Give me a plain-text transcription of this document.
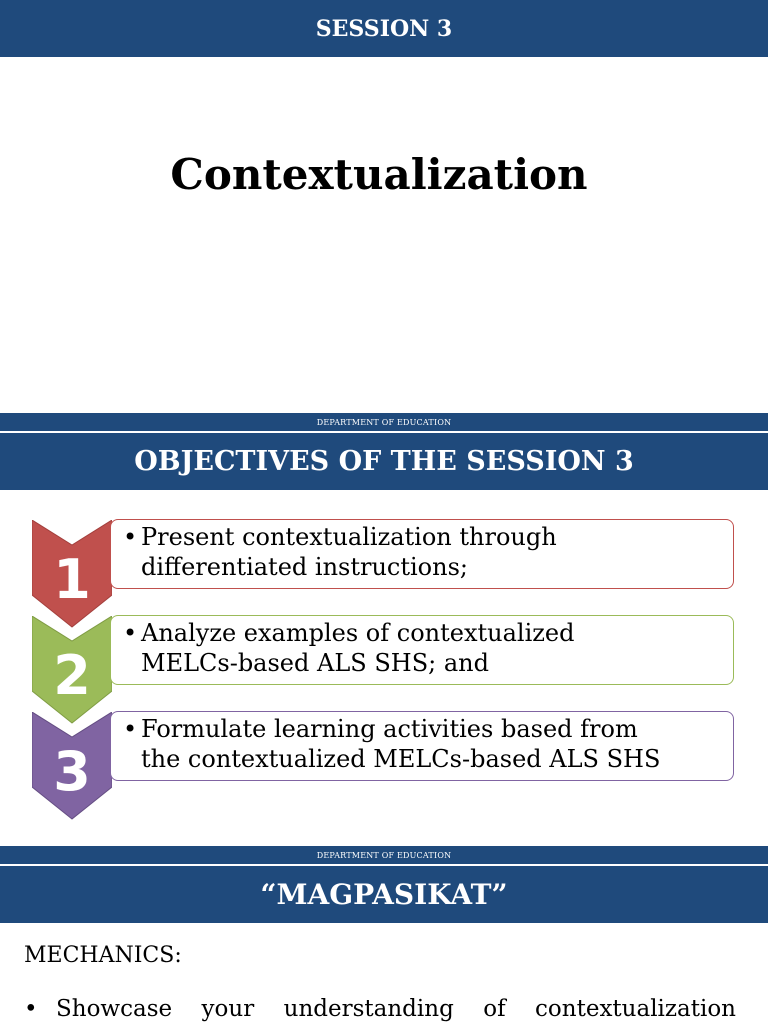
SESSION 3
Contextualization
DEPARTMENT OF EDUCATION
OBJECTIVES OF THE SESSION 3
1
• Present contextualization through
differentiated instructions;
2
• Analyze examples of contextualized
MELCs-based ALS SHS; and
3
• Formulate learning activities based from
the contextualized MELCs-based ALS SHS
DEPARTMENT OF EDUCATION
“MAGPASIKAT”
MECHANICS:
• Showcase your understanding of contextualization
